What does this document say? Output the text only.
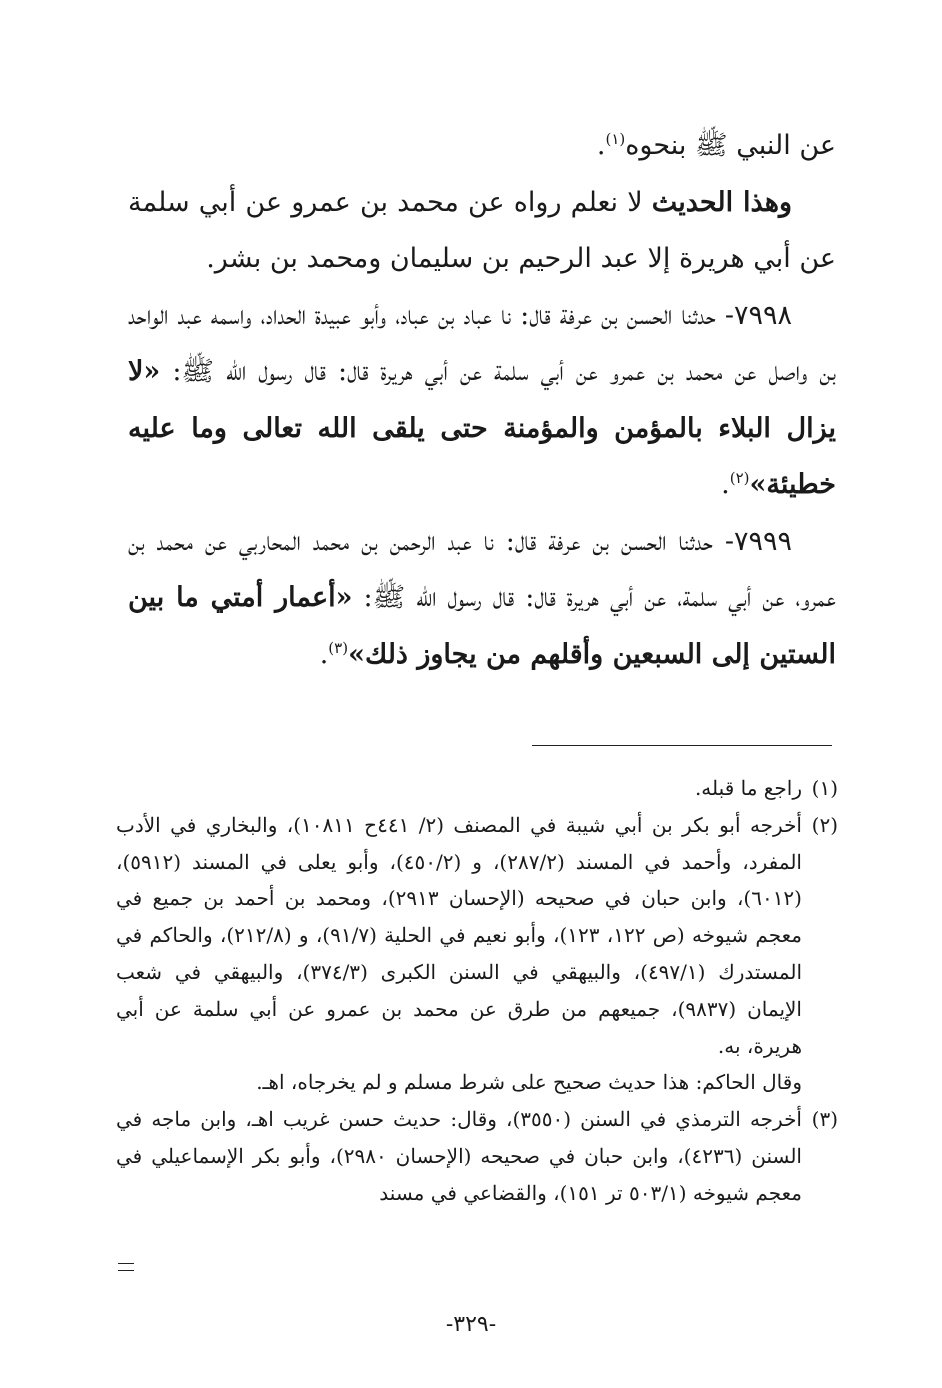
عن النبي ﷺ بنحوه$^{(١)}$.

وهذا الحديث لا نعلم رواه عن محمد بن عمرو عن أبي سلمة عن أبي هريرة إلا عبد الرحيم بن سليمان ومحمد بن بشر.

٧٩٩٨- حدثنا الحسن بن عرفة قال: نا عباد بن عباد، وأبو عبيدة الحداد، واسمه عبد الواحد بن واصل عن محمد بن عمرو عن أبي سلمة عن أبي هريرة قال: قال رسول الله ﷺ: «لا يزال البلاء بالمؤمن والمؤمنة حتى يلقى الله تعالى وما عليه خطيئة»$^{(٢)}$.

٧٩٩٩- حدثنا الحسن بن عرفة قال: نا عبد الرحمن بن محمد المحاربي عن محمد بن عمرو، عن أبي سلمة، عن أبي هريرة قال: قال رسول الله ﷺ: «أعمار أمتي ما بين الستين إلى السبعين وأقلهم من يجاوز ذلك»$^{(٣)}$.

(١)راجع ما قبله.

(٢)أخرجه أبو بكر بن أبي شيبة في المصنف (٢/ ٤٤١ح ١٠٨١١)، والبخاري في الأدب المفرد، وأحمد في المسند (٢٨٧/٢)، و (٤٥٠/٢)، وأبو يعلى في المسند (٥٩١٢)، (٦٠١٢)، وابن حبان في صحيحه (الإحسان ٢٩١٣)، ومحمد بن أحمد بن جميع في معجم شيوخه (ص ١٢٢، ١٢٣)، وأبو نعيم في الحلية (٩١/٧)، و (٢١٢/٨)، والحاكم في المستدرك (٤٩٧/١)، والبيهقي في السنن الكبرى (٣٧٤/٣)، والبيهقي في شعب الإيمان (٩٨٣٧)، جميعهم من طرق عن محمد بن عمرو عن أبي سلمة عن أبي هريرة، به.

وقال الحاكم: هذا حديث صحيح على شرط مسلم و لم يخرجاه، اهـ.

(٣)أخرجه الترمذي في السنن (٣٥٥٠)، وقال: حديث حسن غريب اهـ، وابن ماجه في السنن (٤٢٣٦)، وابن حبان في صحيحه (الإحسان ٢٩٨٠)، وأبو بكر الإسماعيلي في معجم شيوخه (٥٠٣/١ تر ١٥١)، والقضاعي في مسند

-٣٢٩-
